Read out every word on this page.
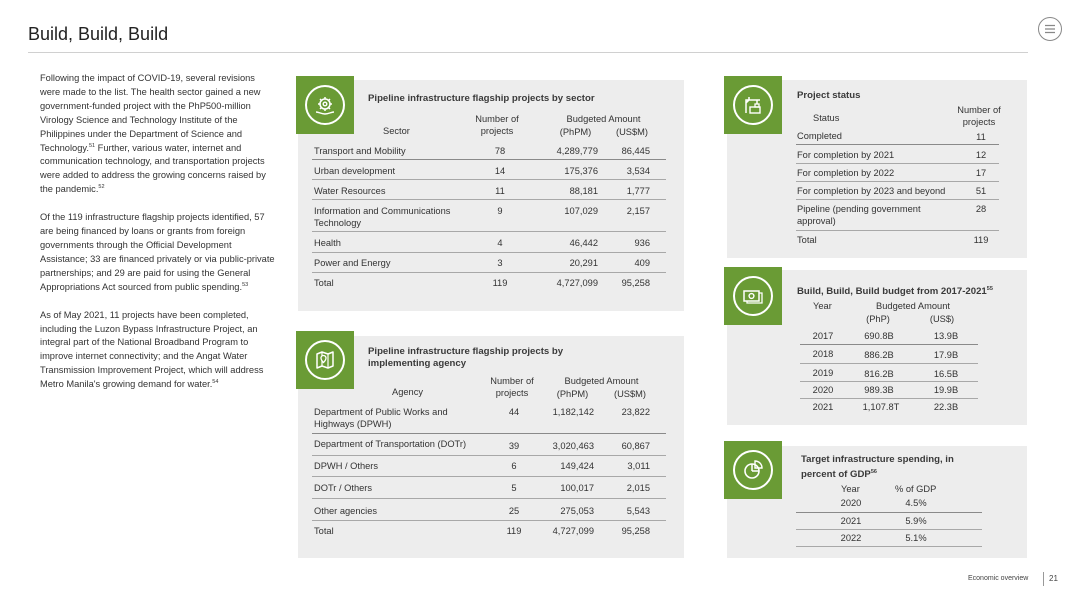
Build, Build, Build

Following the impact of COVID-19, several revisions were made to the list. The health sector gained a new government-funded project with the PhP500-million Virology Science and Technology Institute of the Philippines under the Department of Science and Technology.$^{51}$ Further, various water, internet and communication technology, and transportation projects were added to address the growing concerns raised by the pandemic.$^{52}$

Of the 119 infrastructure flagship projects identified, 57 are being financed by loans or grants from foreign governments through the Official Development Assistance; 33 are financed privately or via public-private partnerships; and 29 are paid for using the General Appropriations Act sourced from public spending.$^{53}$

As of May 2021, 11 projects have been completed, including the Luzon Bypass Infrastructure Project, an integral part of the National Broadband Program to improve internet connectivity; and the Angat Water Transmission Improvement Project, which will address Metro Manila's growing demand for water.$^{54}$

Pipeline infrastructure flagship projects by sector
Sector
Number of projects
Budgeted Amount
(PhPM)	(US$M)
Transport and Mobility	78	4,289,779	86,445
Urban development	14	175,376	3,534
Water Resources	11	88,181	1,777
Information and Communications Technology
9	107,029	2,157
Health	4	46,442	936
Power and Energy	3	20,291	409
Total	119	4,727,099	95,258
Pipeline infrastructure flagship projects by implementing agency
Agency
Number of projects
Budgeted Amount
(PhPM)	(US$M)
Department of Public Works and Highways (DPWH)
44	1,182,142	23,822
Department of Transportation (DOTr)	39	3,020,463	60,867
DPWH / Others	6	149,424	3,011
DOTr / Others	5	100,017	2,015
Other agencies	25	275,053	5,543
Total	119	4,727,099	95,258
Project status
Status
Number of projects
Completed	11
For completion by 2021	12
For completion by 2022	17
For completion by 2023 and beyond	51
Pipeline (pending government approval)
28
Total	119
Build, Build, Build budget from 2017-2021$^{55}$
Year	Budgeted Amount
(PhP)	(US$)
2017	690.8B	13.9B
2018	886.2B	17.9B
2019	816.2B	16.5B
2020	989.3B	19.9B
2021	1,107.8T	22.3B
Target infrastructure spending, in percent of GDP$^{56}$
Year	% of GDP
2020	4.5%
2021	5.9%
2022	5.1%
Economic overview	21
